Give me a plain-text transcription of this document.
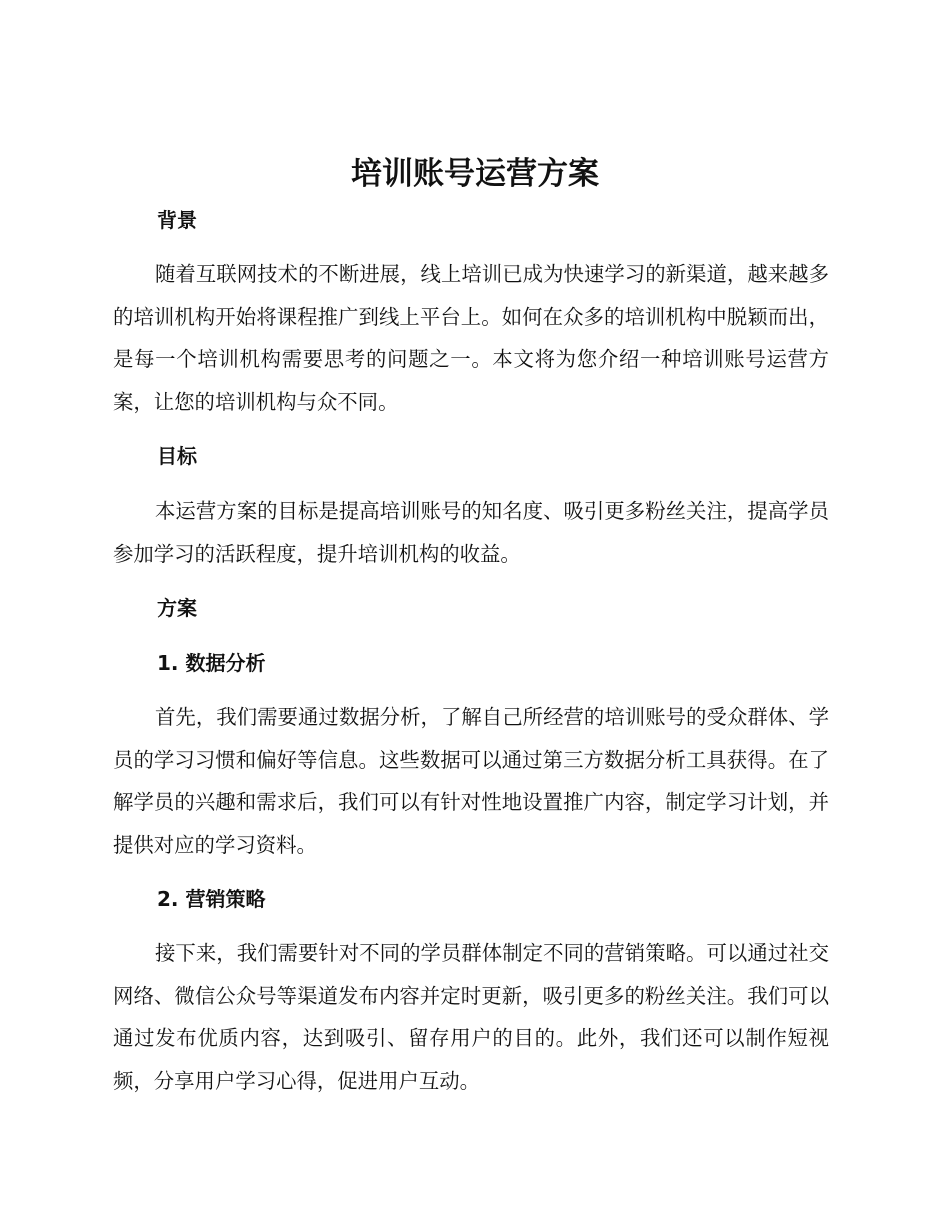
培训账号运营方案
背景

随着互联网技术的不断进展，线上培训已成为快速学习的新渠道，越来越多的培训机构开始将课程推广到线上平台上。如何在众多的培训机构中脱颖而出，是每一个培训机构需要思考的问题之一。本文将为您介绍一种培训账号运营方案，让您的培训机构与众不同。

目标

本运营方案的目标是提高培训账号的知名度、吸引更多粉丝关注，提高学员参加学习的活跃程度，提升培训机构的收益。

方案
1. 数据分析

首先，我们需要通过数据分析，了解自己所经营的培训账号的受众群体、学员的学习习惯和偏好等信息。这些数据可以通过第三方数据分析工具获得。在了解学员的兴趣和需求后，我们可以有针对性地设置推广内容，制定学习计划，并提供对应的学习资料。

2. 营销策略

接下来，我们需要针对不同的学员群体制定不同的营销策略。可以通过社交网络、微信公众号等渠道发布内容并定时更新，吸引更多的粉丝关注。我们可以通过发布优质内容，达到吸引、留存用户的目的。此外，我们还可以制作短视频，分享用户学习心得，促进用户互动。
